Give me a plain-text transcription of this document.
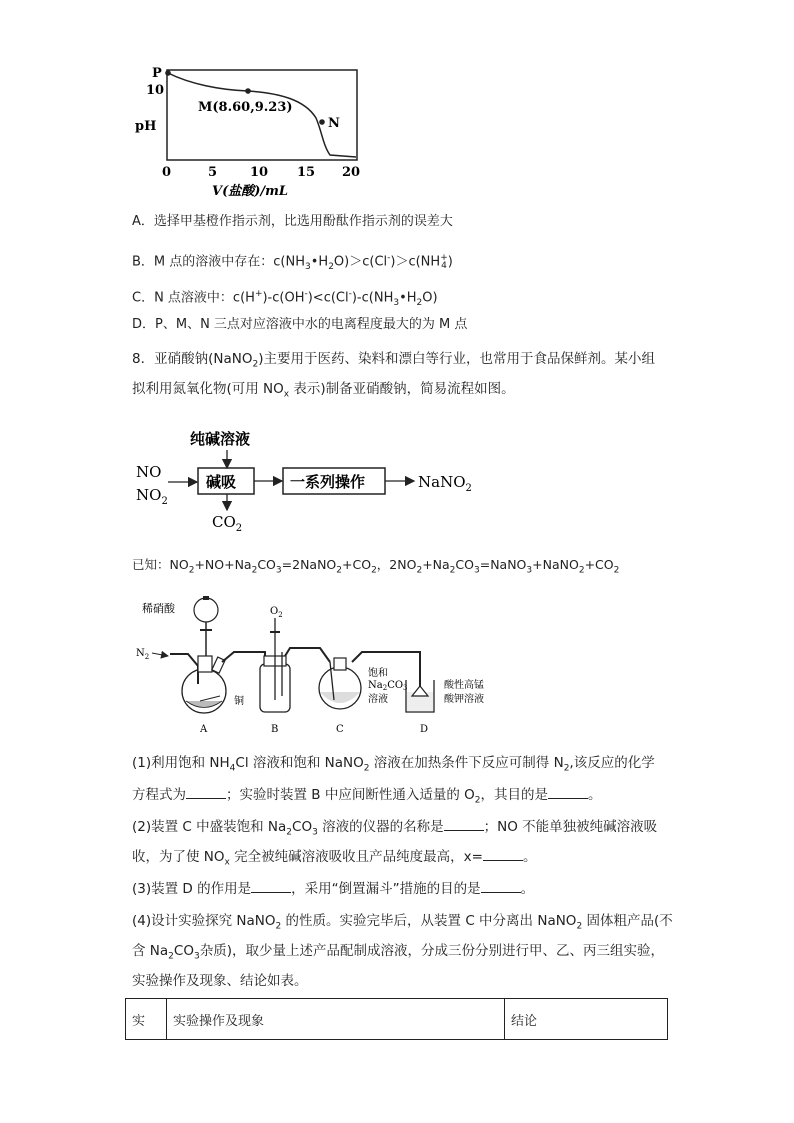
P
10
pH
M(8.60,9.23)
N
0	5	10 15 20
V(盐酸)/mL
A．选择甲基橙作指示剂，比选用酚酞作指示剂的误差大
B．M 点的溶液中存在：$c(NH_3•H_2O)>c(Cl^-)>c(NH+$
4)
C．N 点溶液中：$c(H^+)-c(OH^-)<c(Cl^-)-c(NH_3•H_2O)$
D．P、M、N 三点对应溶液中水的电离程度最大的为 M 点
8．亚硝酸钠(NaNO$_2$)主要用于医药、染料和漂白等行业，也常用于食品保鲜剂。某小组
拟利用氮氧化物(可用 $NO_x$ 表示)制备亚硝酸钠，简易流程如图。
纯碱溶液
NO
$NO_2$
碱吸	一系列操作	NaNO$_2$
$CO_2$
已知：$NO_2+NO+Na_2CO_3=2NaNO_2+CO_2$，$2NO_2+Na_2CO_3=NaNO_3+NaNO_2+CO_2$
稀硝酸	$O_2$
$N_2$
铜
A	B
饱和
$Na_2CO_3$
溶液
C
酸性高锰
酸钾溶液
D
(1)利用饱和 $NH_4Cl$ 溶液和饱和 NaNO$_2$ 溶液在加热条件下反应可制得 $N_2$,该反应的化学
方程式为	；实验时装置 B 中应间断性通入适量的 $O_2$，其目的是	。
(2)装置 C 中盛装饱和 $Na_2CO_3$ 溶液的仪器的名称是	；NO 不能单独被纯碱溶液吸
收，为了使 $NO_x$ 完全被纯碱溶液吸收且产品纯度最高，x=	。
(3)装置 D 的作用是	，采用“倒置漏斗”措施的目的是	。
(4)设计实验探究 NaNO$_2$ 的性质。实验完毕后，从装置 C 中分离出 NaNO$_2$ 固体粗产品(不
含 $Na_2CO_3$杂质)，取少量上述产品配制成溶液，分成三份分别进行甲、乙、丙三组实验，
实验操作及现象、结论如表。
实	实验操作及现象	结论
